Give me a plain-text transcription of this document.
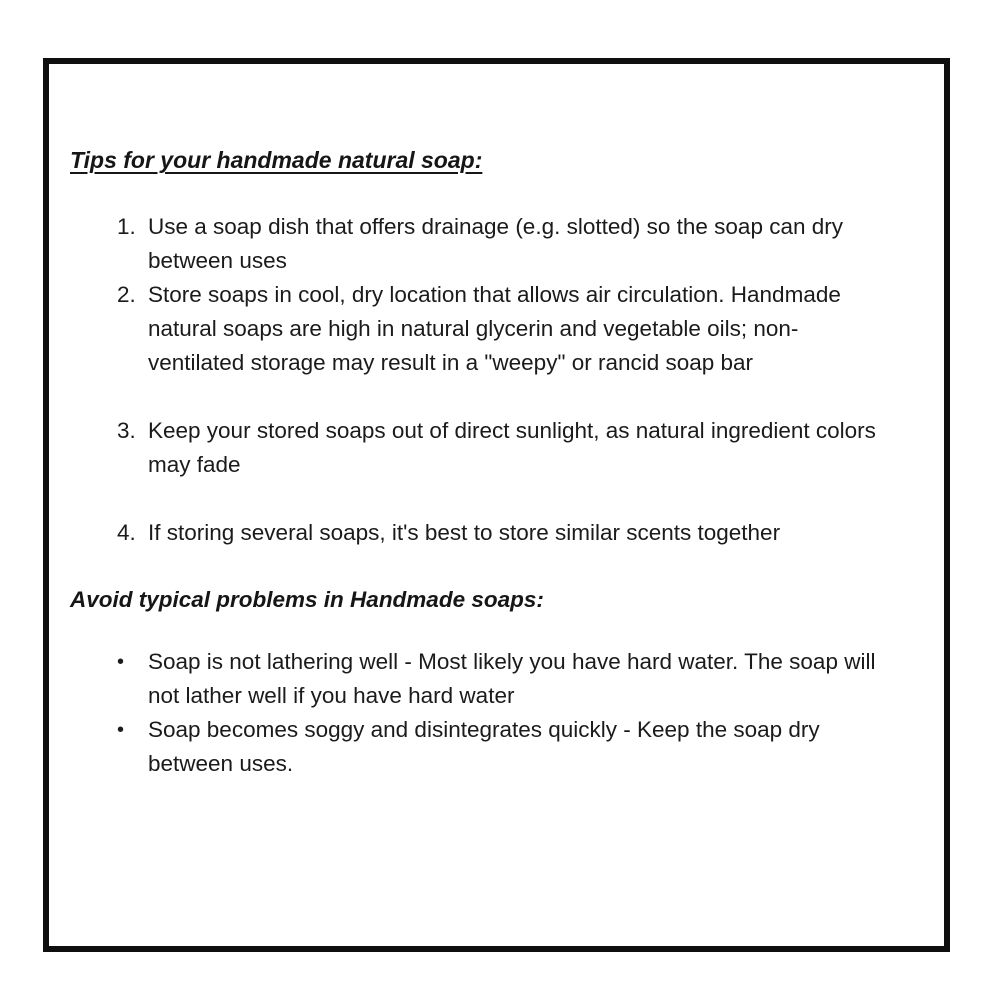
Tips for your handmade natural soap:
1. Use a soap dish that offers drainage (e.g. slotted) so the soap can dry between uses
2. Store soaps in cool, dry location that allows air circulation. Handmade natural soaps are high in natural glycerin and vegetable oils; non-ventilated storage may result in a "weepy" or rancid soap bar
3. Keep your stored soaps out of direct sunlight, as natural ingredient colors may fade
4. If storing several soaps, it's best to store similar scents together
Avoid typical problems in Handmade soaps:
•	Soap is not lathering well - Most likely you have hard water. The soap will not lather well if you have hard water
•	Soap becomes soggy and disintegrates quickly - Keep the soap dry between uses.
